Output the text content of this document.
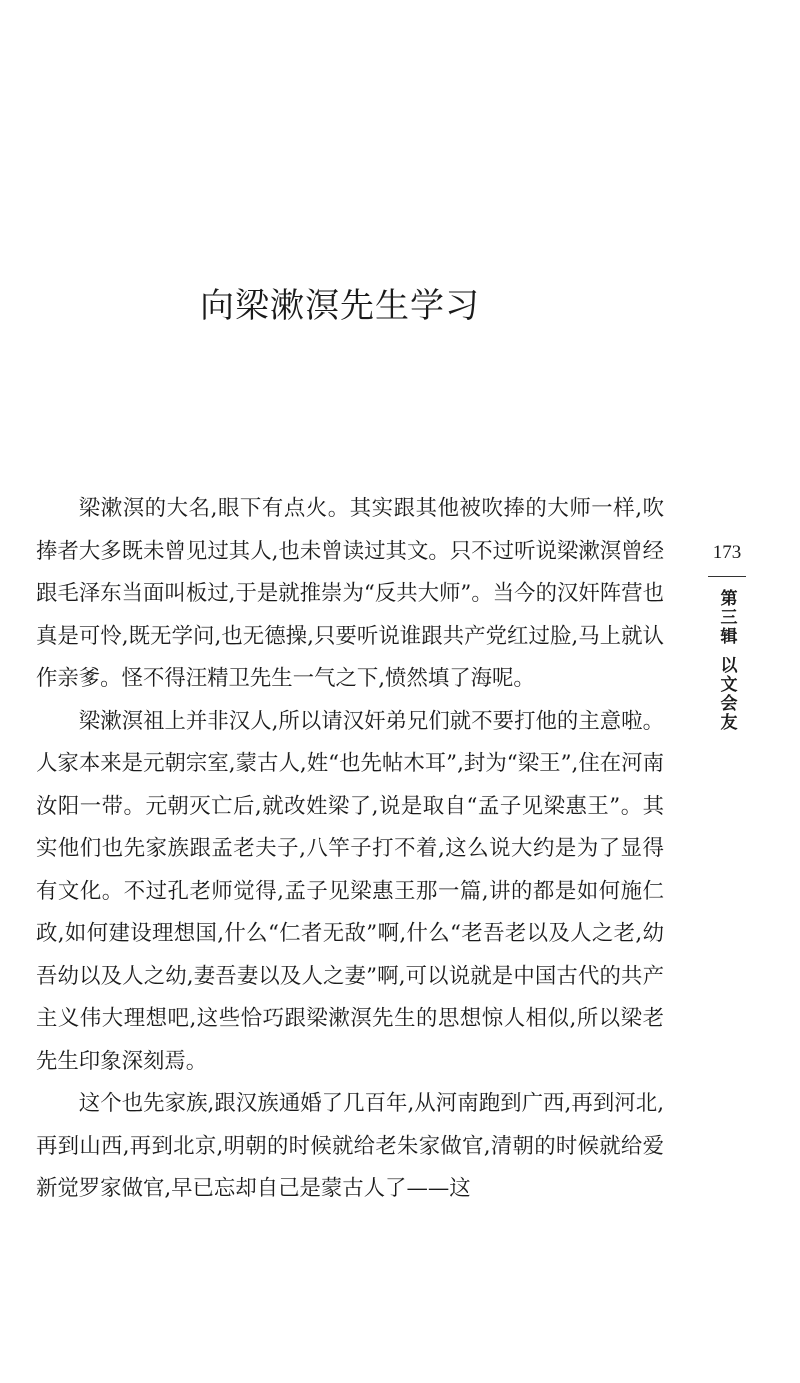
向梁漱溟先生学习

梁漱溟的大名,眼下有点火。其实跟其他被吹捧的大师一样,吹捧者大多既未曾见过其人,也未曾读过其文。只不过听说梁漱溟曾经跟毛泽东当面叫板过,于是就推崇为“反共大师”。当今的汉奸阵营也真是可怜,既无学问,也无德操,只要听说谁跟共产党红过脸,马上就认作亲爹。怪不得汪精卫先生一气之下,愤然填了海呢。

梁漱溟祖上并非汉人,所以请汉奸弟兄们就不要打他的主意啦。人家本来是元朝宗室,蒙古人,姓“也先帖木耳”,封为“梁王”,住在河南汝阳一带。元朝灭亡后,就改姓梁了,说是取自“孟子见梁惠王”。其实他们也先家族跟孟老夫子,八竿子打不着,这么说大约是为了显得有文化。不过孔老师觉得,孟子见梁惠王那一篇,讲的都是如何施仁政,如何建设理想国,什么“仁者无敌”啊,什么“老吾老以及人之老,幼吾幼以及人之幼,妻吾妻以及人之妻”啊,可以说就是中国古代的共产主义伟大理想吧,这些恰巧跟梁漱溟先生的思想惊人相似,所以梁老先生印象深刻焉。

这个也先家族,跟汉族通婚了几百年,从河南跑到广西,再到河北,再到山西,再到北京,明朝的时候就给老朱家做官,清朝的时候就给爱新觉罗家做官,早已忘却自己是蒙古人了——这

173
第三辑
以文会友
